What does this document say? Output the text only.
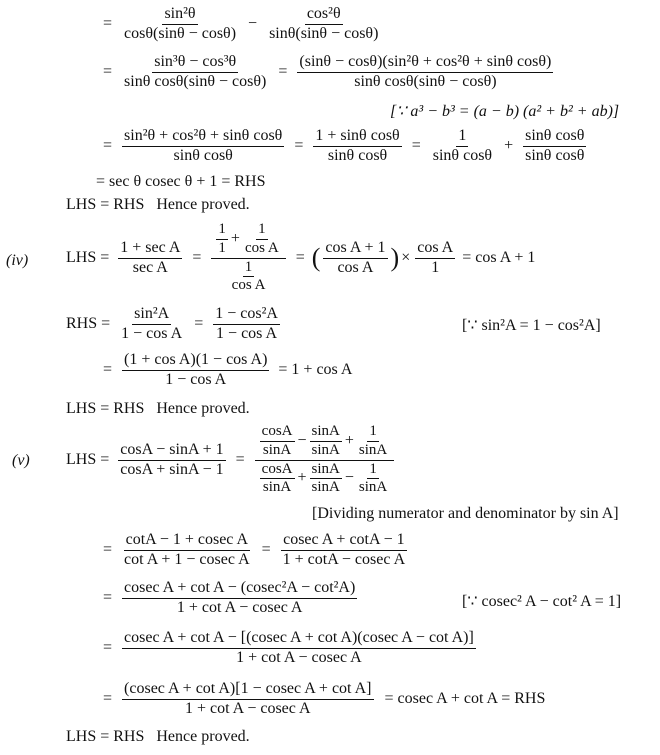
= $\frac{\text{sin²θ}}{\cos\theta(\sin\theta - \cos\theta)} - \frac{\text{cos²θ}}{\sin\theta(\sin\theta - \cos\theta)}$
= $\frac{\text{sin³θ − cos³θ}}{\text{sinθ cosθ(sinθ − cosθ)}} = \frac{\text{(sinθ − cosθ)(sin²θ + cos²θ + sinθ cosθ)}}{\text{sinθ cosθ(sinθ − cosθ)}}$
[∵ a³ − b³ = (a − b) (a² + b² + ab)]
= $\frac{\text{sin²θ + cos²θ + sinθ cosθ}}{\text{sinθ cosθ}} = \frac{\text{1 + sinθ cosθ}}{\text{sinθ cosθ}} = \frac{1}{\text{sinθ cosθ}} + \frac{\text{sinθ cosθ}}{\text{sinθ cosθ}}$
= sec θ cosec θ + 1 = RHS
LHS = RHS   Hence proved.
(iv) LHS = $\frac{\text{1 + sec A}}{\text{sec A}} = \frac{\frac{1}{1} + \frac{1}{\text{cos A}}}{\frac{1}{\text{cos A}}}$ = ( $\frac{\text{cos A + 1}}{\text{cos A}}$ ) × $\frac{\text{cos A}}{1} = \cos A + 1$
RHS = $\frac{\text{sin²A}}{\text{1 − cos A}} = \frac{\text{1 − cos²A}}{\text{1 − cos A}}$	[∵ sin²A = 1 − cos²A]
= $\frac{\text{(1 + cos A)(1 − cos A)}}{\text{1 − cos A}} = 1 + \cos A$
LHS = RHS   Hence proved.
(v) LHS = $\frac{\cos A - \sin A + 1}{\cos A + \sin A - 1} = \frac{\frac{\cos A}{\sin A} - \frac{\sin A}{\sin A} + \frac{1}{\sin A}}{\frac{\cos A}{\sin A} + \frac{\sin A}{\sin A} - \frac{1}{\sin A}}$
[Dividing numerator and denominator by sin A]
= $\frac{\text{cotA − 1 + cosec A}}{\text{cot A + 1 − cosec A}} = \frac{\text{cosec A + cotA − 1}}{\text{1 + cotA − cosec A}}$
= $\frac{\text{cosec A + cot A − (cosec²A − cot²A)}}{\text{1 + cot A − cosec A}}$	[∵ cosec² A − cot² A = 1]
= $\frac{\text{cosec A + cot A − [(cosec A + cot A)(cosec A − cot A)]}}{\text{1 + cot A − cosec A}}$
= $\frac{\text{(cosec A + cot A)[1 − cosec A + cot A]}}{\text{1 + cot A − cosec A}} = cosec$ A + cot A = RHS
LHS = RHS   Hence proved.
